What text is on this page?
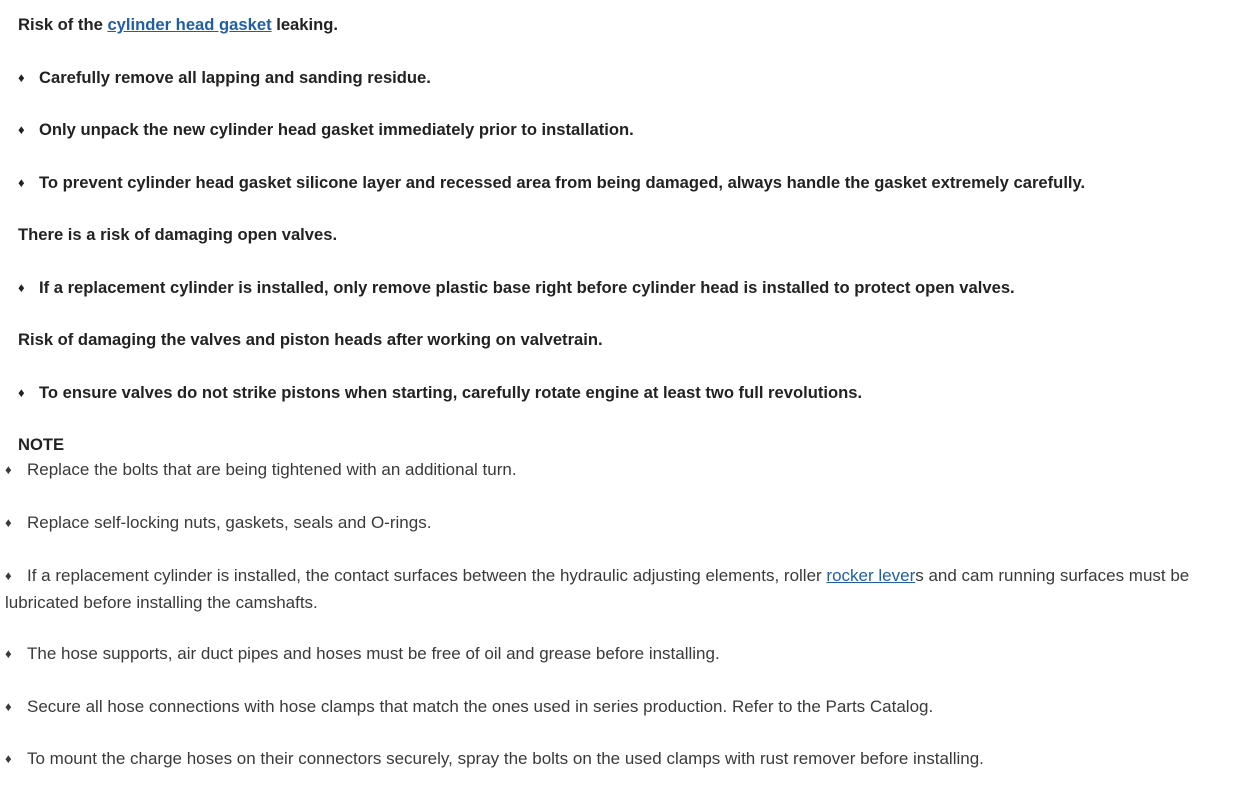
Risk of the cylinder head gasket leaking.
♦ Carefully remove all lapping and sanding residue.
♦ Only unpack the new cylinder head gasket immediately prior to installation.
♦ To prevent cylinder head gasket silicone layer and recessed area from being damaged, always handle the gasket extremely carefully.
There is a risk of damaging open valves.
♦ If a replacement cylinder is installed, only remove plastic base right before cylinder head is installed to protect open valves.
Risk of damaging the valves and piston heads after working on valvetrain.
♦ To ensure valves do not strike pistons when starting, carefully rotate engine at least two full revolutions.
NOTE
♦ Replace the bolts that are being tightened with an additional turn.
♦ Replace self-locking nuts, gaskets, seals and O-rings.
♦ If a replacement cylinder is installed, the contact surfaces between the hydraulic adjusting elements, roller rocker levers and cam running surfaces must be lubricated before installing the camshafts.
♦ The hose supports, air duct pipes and hoses must be free of oil and grease before installing.
♦ Secure all hose connections with hose clamps that match the ones used in series production. Refer to the Parts Catalog.
♦ To mount the charge hoses on their connectors securely, spray the bolts on the used clamps with rust remover before installing.
